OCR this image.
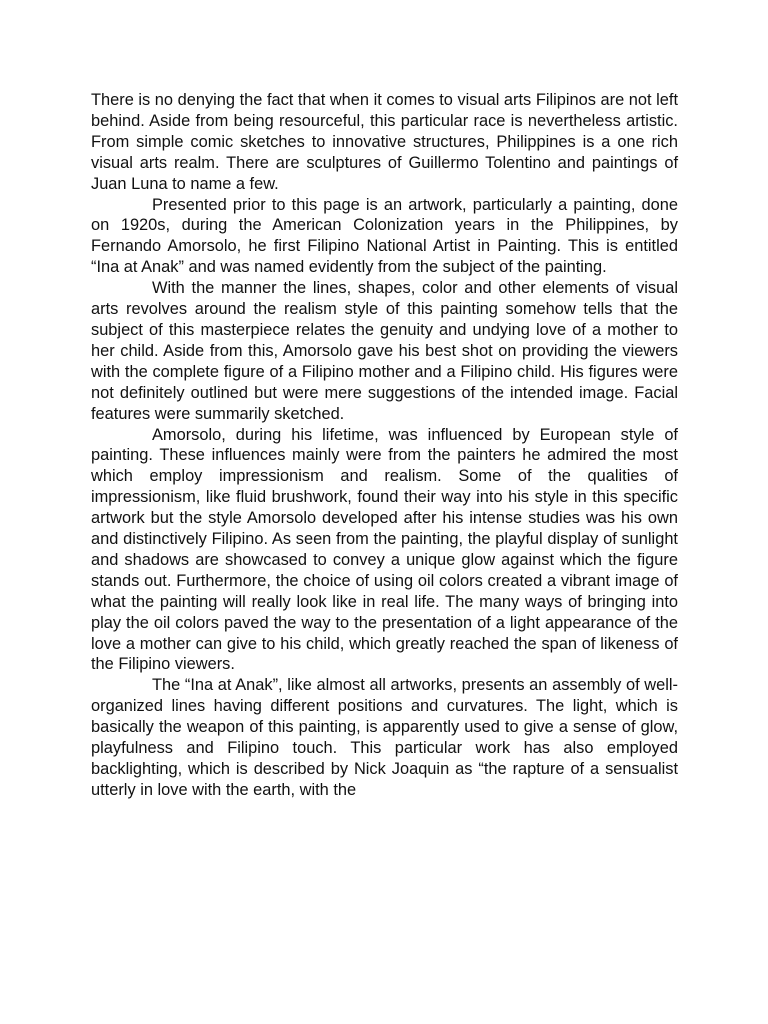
There is no denying the fact that when it comes to visual arts Filipinos are not left behind. Aside from being resourceful, this particular race is nevertheless artistic. From simple comic sketches to innovative structures, Philippines is a one rich visual arts realm. There are sculptures of Guillermo Tolentino and paintings of Juan Luna to name a few.

Presented prior to this page is an artwork, particularly a painting, done on 1920s, during the American Colonization years in the Philippines, by Fernando Amorsolo, he first Filipino National Artist in Painting. This is entitled “Ina at Anak” and was named evidently from the subject of the painting.

With the manner the lines, shapes, color and other elements of visual arts revolves around the realism style of this painting somehow tells that the subject of this masterpiece relates the genuity and undying love of a mother to her child. Aside from this, Amorsolo gave his best shot on providing the viewers with the complete figure of a Filipino mother and a Filipino child. His figures were not definitely outlined but were mere suggestions of the intended image. Facial features were summarily sketched.

Amorsolo, during his lifetime, was influenced by European style of painting. These influences mainly were from the painters he admired the most which employ impressionism and realism. Some of the qualities of impressionism, like fluid brushwork, found their way into his style in this specific artwork but the style Amorsolo developed after his intense studies was his own and distinctively Filipino. As seen from the painting, the playful display of sunlight and shadows are showcased to convey a unique glow against which the figure stands out. Furthermore, the choice of using oil colors created a vibrant image of what the painting will really look like in real life. The many ways of bringing into play the oil colors paved the way to the presentation of a light appearance of the love a mother can give to his child, which greatly reached the span of likeness of the Filipino viewers.

The “Ina at Anak”, like almost all artworks, presents an assembly of well-organized lines having different positions and curvatures. The light, which is basically the weapon of this painting, is apparently used to give a sense of glow, playfulness and Filipino touch. This particular work has also employed backlighting, which is described by Nick Joaquin as “the rapture of a sensualist utterly in love with the earth, with the
